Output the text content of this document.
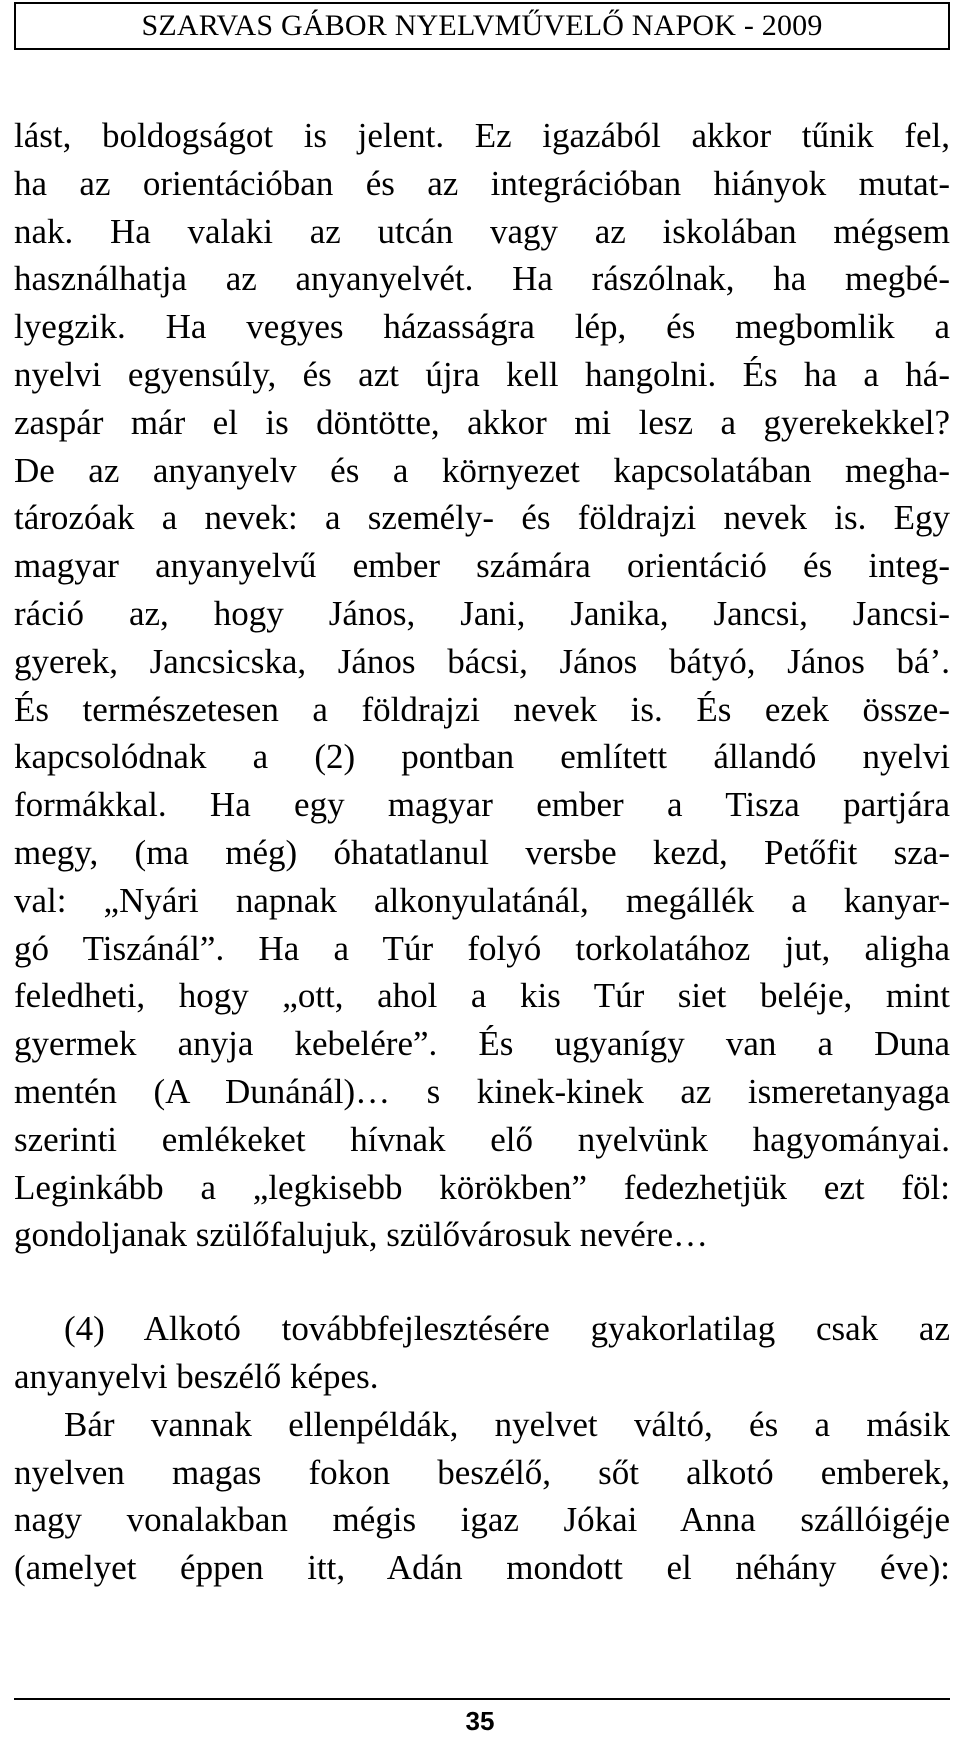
SZARVAS GÁBOR NYELVMŰVELŐ NAPOK - 2009
lást, boldogságot is jelent. Ez igazából akkor tűnik fel,
ha az orientációban és az integrációban hiányok mutat-
nak. Ha valaki az utcán vagy az iskolában mégsem
használhatja az anyanyelvét. Ha rászólnak, ha megbé-
lyegzik. Ha vegyes házasságra lép, és megbomlik a
nyelvi egyensúly, és azt újra kell hangolni. És ha a há-
zaspár már el is döntötte, akkor mi lesz a gyerekekkel?
De az anyanyelv és a környezet kapcsolatában megha-
tározóak a nevek: a személy- és földrajzi nevek is. Egy
magyar anyanyelvű ember számára orientáció és integ-
ráció az, hogy János, Jani, Janika, Jancsi, Jancsi-
gyerek, Jancsicska, János bácsi, János bátyó, János bá’.
És természetesen a földrajzi nevek is. És ezek össze-
kapcsolódnak a (2) pontban említett állandó nyelvi
formákkal. Ha egy magyar ember a Tisza partjára
megy, (ma még) óhatatlanul versbe kezd, Petőfit sza-
val: „Nyári napnak alkonyulatánál, megállék a kanyar-
gó Tiszánál”. Ha a Túr folyó torkolatához jut, aligha
feledheti, hogy „ott, ahol a kis Túr siet beléje, mint
gyermek anyja kebelére”. És ugyanígy van a Duna
mentén (A Dunánál)… s kinek-kinek az ismeretanyaga
szerinti emlékeket hívnak elő nyelvünk hagyományai.
Leginkább a „legkisebb körökben” fedezhetjük ezt föl:
gondoljanak szülőfalujuk, szülővárosuk nevére…
(4) Alkotó továbbfejlesztésére gyakorlatilag csak az
anyanyelvi beszélő képes.
Bár vannak ellenpéldák, nyelvet váltó, és a másik
nyelven magas fokon beszélő, sőt alkotó emberek,
nagy vonalakban mégis igaz Jókai Anna szállóigéje
(amelyet éppen itt, Adán mondott el néhány éve):
35
